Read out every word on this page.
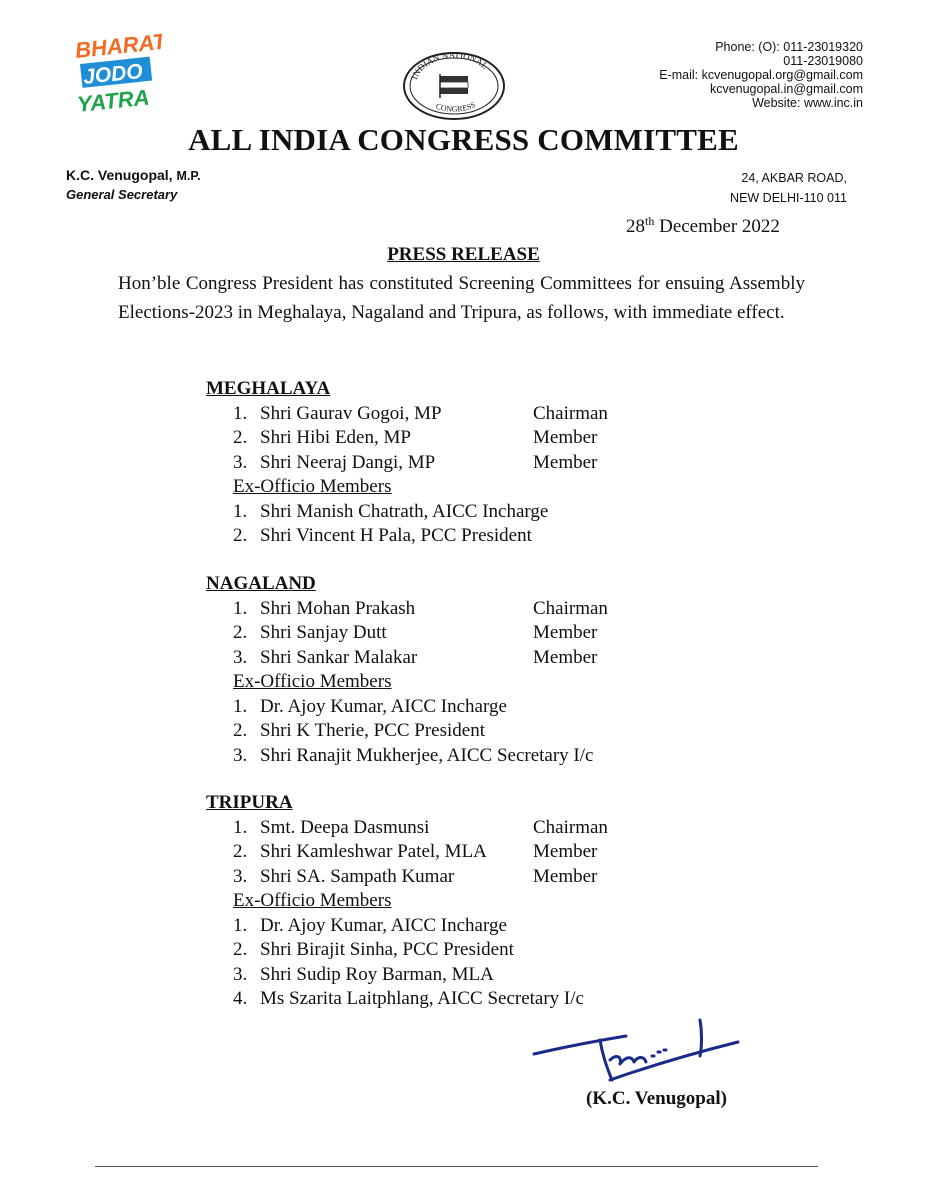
BHARAT
JODO
YATRA
INDIAN NATIONAL
CONGRESS
Phone: (O): 011-23019320
011-23019080
E-mail: kcvenugopal.org@gmail.com
kcvenugopal.in@gmail.com
Website: www.inc.in
ALL INDIA CONGRESS COMMITTEE
K.C. Venugopal, M.P.
General Secretary
24, AKBAR ROAD,
NEW DELHI-110 011
28th December 2022
PRESS RELEASE
Hon’ble Congress President has constituted Screening Committees for ensuing Assembly Elections-2023 in Meghalaya, Nagaland and Tripura, as follows, with immediate effect.
MEGHALAYA
1. Shri Gaurav Gogoi, MP	Chairman
2. Shri Hibi Eden, MP	Member
3. Shri Neeraj Dangi, MP	Member
Ex-Officio Members
1. Shri Manish Chatrath, AICC Incharge
2. Shri Vincent H Pala, PCC President
NAGALAND
1. Shri Mohan Prakash	Chairman
2. Shri Sanjay Dutt	Member
3. Shri Sankar Malakar	Member
Ex-Officio Members
1. Dr. Ajoy Kumar, AICC Incharge
2. Shri K Therie, PCC President
3. Shri Ranajit Mukherjee, AICC Secretary I/c
TRIPURA
1. Smt. Deepa Dasmunsi	Chairman
2. Shri Kamleshwar Patel, MLA Member
3. Shri SA. Sampath Kumar	Member
Ex-Officio Members
1. Dr. Ajoy Kumar, AICC Incharge
2. Shri Birajit Sinha, PCC President
3. Shri Sudip Roy Barman, MLA
4. Ms Szarita Laitphlang, AICC Secretary I/c
(K.C. Venugopal)
